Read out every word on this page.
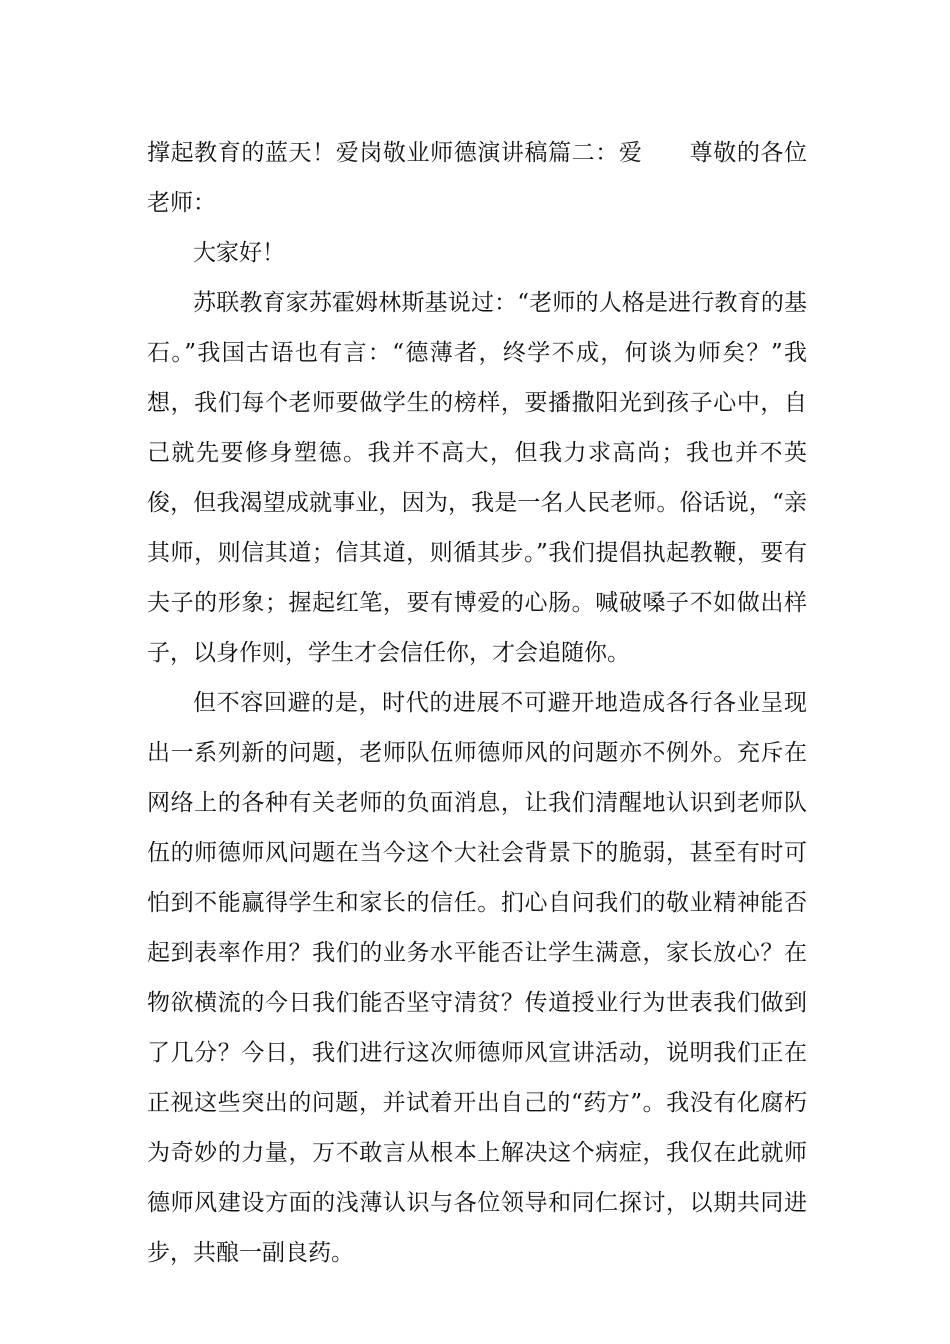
撑起教育的蓝天！爱岗敬业师德演讲稿篇二：爱　　尊敬的各位老师：

大家好！

苏联教育家苏霍姆林斯基说过：“老师的人格是进行教育的基石。”我国古语也有言：“德薄者，终学不成，何谈为师矣？”我想，我们每个老师要做学生的榜样，要播撒阳光到孩子心中，自己就先要修身塑德。我并不高大，但我力求高尚；我也并不英俊，但我渴望成就事业，因为，我是一名人民老师。俗话说，“亲其师，则信其道；信其道，则循其步。”我们提倡执起教鞭，要有夫子的形象；握起红笔，要有博爱的心肠。喊破嗓子不如做出样子，以身作则，学生才会信任你，才会追随你。

但不容回避的是，时代的进展不可避开地造成各行各业呈现出一系列新的问题，老师队伍师德师风的问题亦不例外。充斥在网络上的各种有关老师的负面消息，让我们清醒地认识到老师队伍的师德师风问题在当今这个大社会背景下的脆弱，甚至有时可怕到不能赢得学生和家长的信任。扪心自问我们的敬业精神能否起到表率作用？我们的业务水平能否让学生满意，家长放心？在物欲横流的今日我们能否坚守清贫？传道授业行为世表我们做到了几分？今日，我们进行这次师德师风宣讲活动，说明我们正在正视这些突出的问题，并试着开出自己的“药方”。我没有化腐朽为奇妙的力量，万不敢言从根本上解决这个病症，我仅在此就师德师风建设方面的浅薄认识与各位领导和同仁探讨，以期共同进步，共酿一副良药。
